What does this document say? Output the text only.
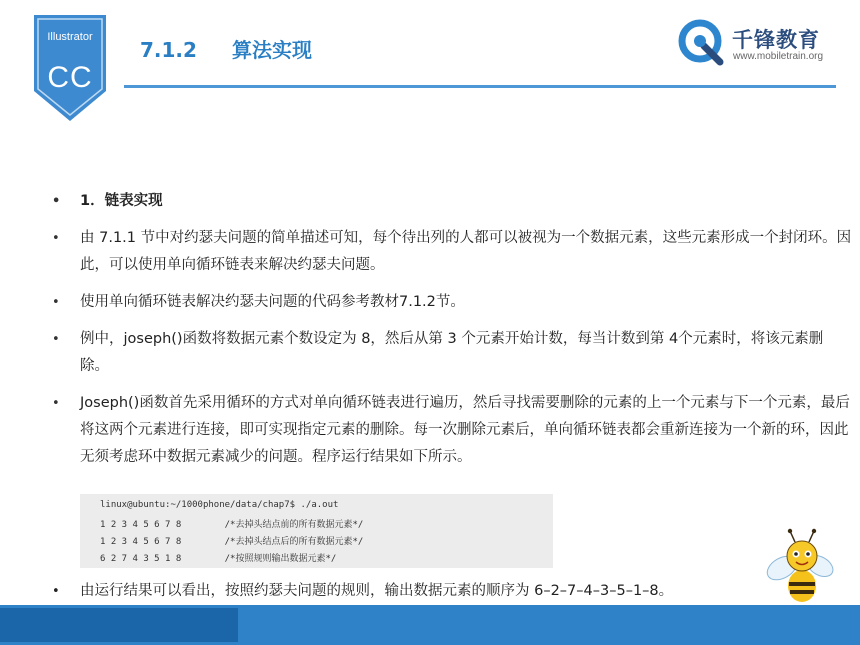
Illustrator
CC
7.1.2 算法实现	千锋教育
www.mobiletrain.org
• 1．链表实现
• 由 7.1.1 节中对约瑟夫问题的简单描述可知，每个待出列的人都可以被视为一个数据元素，这些元素形成一个封闭环。因此，可以使用单向循环链表来解决约瑟夫问题。
• 使用单向循环链表解决约瑟夫问题的代码参考教材7.1.2节。
• 例中，joseph()函数将数据元素个数设定为 8，然后从第 3 个元素开始计数，每当计数到第 4个元素时，将该元素删除。
• Joseph()函数首先采用循环的方式对单向循环链表进行遍历，然后寻找需要删除的元素的上一个元素与下一个元素，最后将这两个元素进行连接，即可实现指定元素的删除。每一次删除元素后，单向循环链表都会重新连接为一个新的环，因此无须考虑环中数据元素减少的问题。程序运行结果如下所示。
linux@ubuntu:~/1000phone/data/chap7$ ./a.out
1 2 3 4 5 6 7 8        /*去掉头结点前的所有数据元素*/
1 2 3 4 5 6 7 8        /*去掉头结点后的所有数据元素*/
6 2 7 4 3 5 1 8        /*按照规则输出数据元素*/
• 由运行结果可以看出，按照约瑟夫问题的规则，输出数据元素的顺序为 6–2–7–4–3–5–1–8。
